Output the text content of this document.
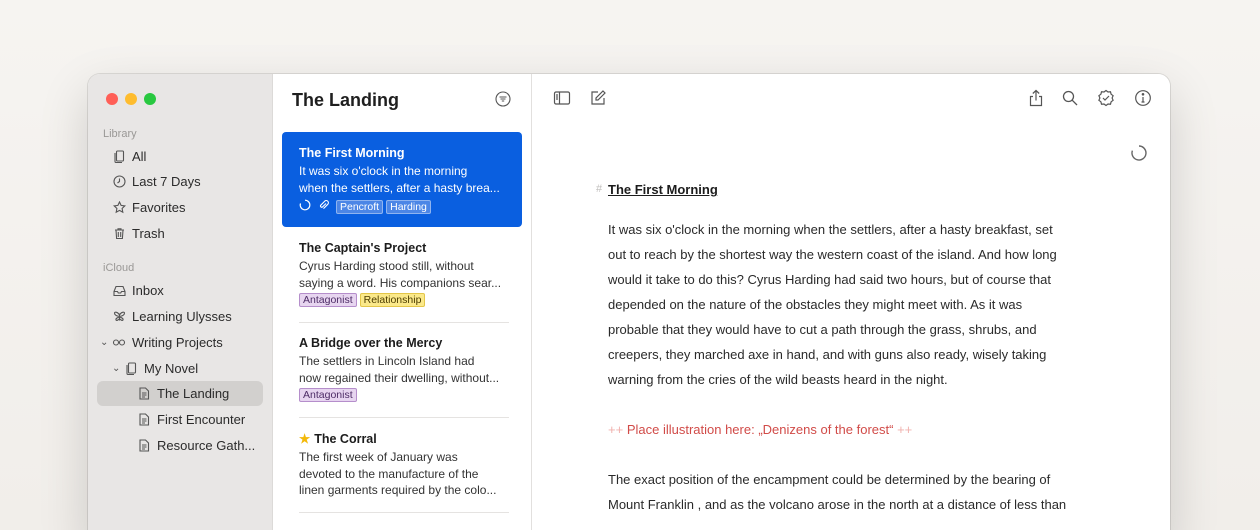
Library
All
Last 7 Days
Favorites
Trash
iCloud
Inbox
Learning Ulysses
⌄ Writing Projects
⌄ My Novel
The Landing
First Encounter
Resource Gath...
The Landing
The First Morning
It was six o'clock in the morning
when the settlers, after a hasty brea...
Pencroft	Harding
The Captain's Project
Cyrus Harding stood still, without
saying a word. His companions sear...
Antagonist	Relationship
A Bridge over the Mercy
The settlers in Lincoln Island had
now regained their dwelling, without...
Antagonist
★ The Corral
The first week of January was
devoted to the manufacture of the
linen garments required by the colo...
# The First Morning
It was six o'clock in the morning when the settlers, after a hasty breakfast, set
out to reach by the shortest way the western coast of the island. And how long
would it take to do this? Cyrus Harding had said two hours, but of course that
depended on the nature of the obstacles they might meet with. As it was
probable that they would have to cut a path through the grass, shrubs, and
creepers, they marched axe in hand, and with guns also ready, wisely taking
warning from the cries of the wild beasts heard in the night.
++ Place illustration here: „Denizens of the forest“ ++
The exact position of the encampment could be determined by the bearing of
Mount Franklin , and as the volcano arose in the north at a distance of less than
